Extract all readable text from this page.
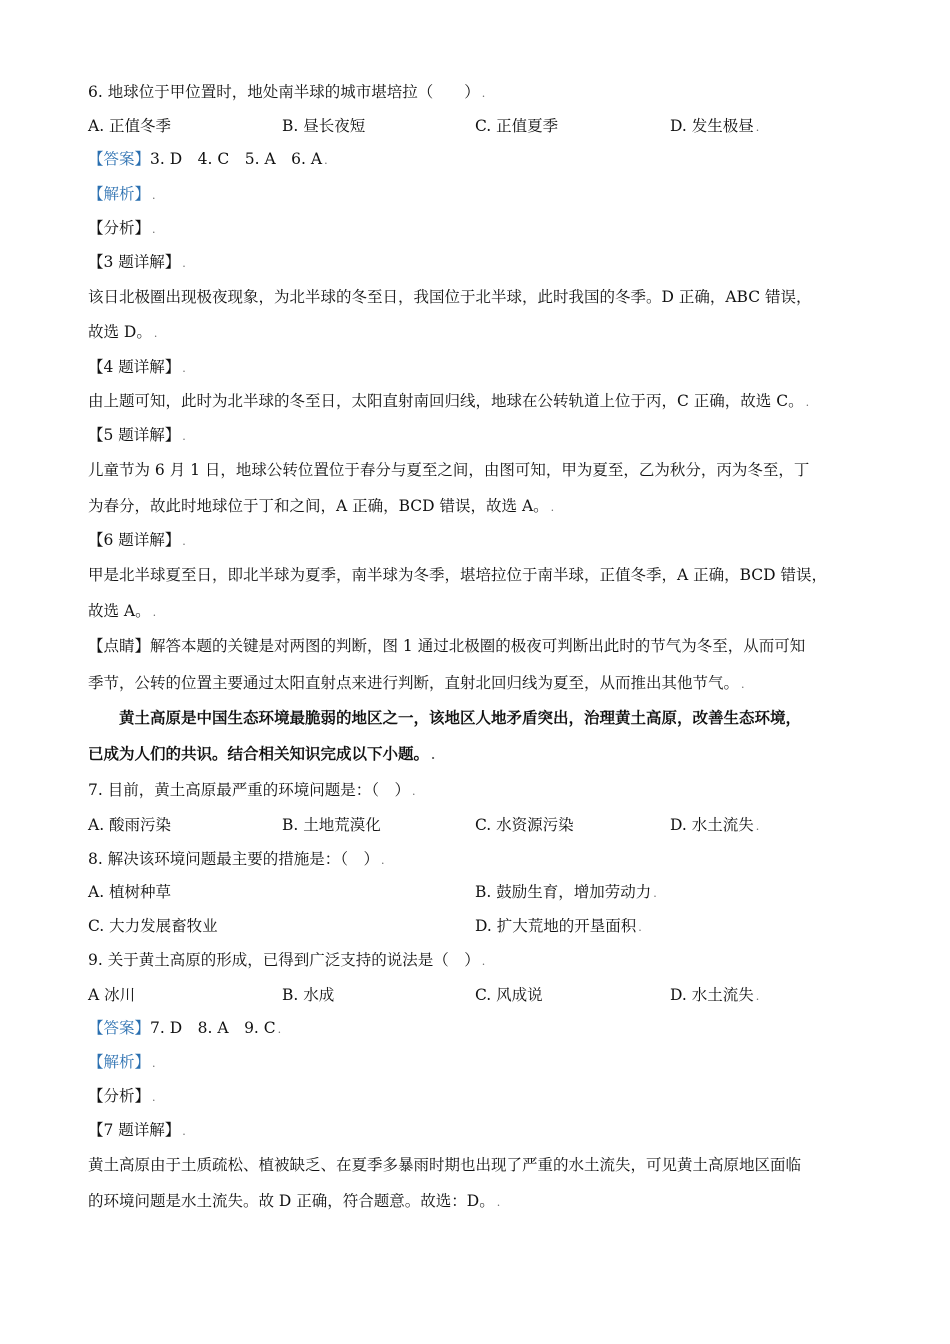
6. 地球位于甲位置时，地处南半球的城市堪培拉（　　） .
A. 正值冬季	B. 昼长夜短	C. 正值夏季	D. 发生极昼 .
【答案】3. D　4. C　5. A　6. A .
【解析】 .
【分析】 .
【3 题详解】 .
该日北极圈出现极夜现象，为北半球的冬至日，我国位于北半球，此时我国的冬季。D 正确，ABC 错误，
故选 D。 .
【4 题详解】 .
由上题可知，此时为北半球的冬至日，太阳直射南回归线，地球在公转轨道上位于丙，C 正确，故选 C。 .
【5 题详解】 .
儿童节为 6 月 1 日，地球公转位置位于春分与夏至之间，由图可知，甲为夏至，乙为秋分，丙为冬至，丁
为春分，故此时地球位于丁和之间，A 正确，BCD 错误，故选 A。 .
【6 题详解】 .
甲是北半球夏至日，即北半球为夏季，南半球为冬季，堪培拉位于南半球，正值冬季，A 正确，BCD 错误，
故选 A。 .
【点睛】解答本题的关键是对两图的判断，图 1 通过北极圈的极夜可判断出此时的节气为冬至，从而可知
季节，公转的位置主要通过太阳直射点来进行判断，直射北回归线为夏至，从而推出其他节气。 .
黄土高原是中国生态环境最脆弱的地区之一，该地区人地矛盾突出，治理黄土高原，改善生态环境，
已成为人们的共识。结合相关知识完成以下小题。 .
7. 目前，黄土高原最严重的环境问题是：（　） .
A. 酸雨污染	B. 土地荒漠化	C. 水资源污染	D. 水土流失 .
8. 解决该环境问题最主要的措施是：（　） .
A. 植树种草	B. 鼓励生育，增加劳动力 .
C. 大力发展畜牧业	D. 扩大荒地的开垦面积 .
9. 关于黄土高原的形成，已得到广泛支持的说法是（　） .
A 冰川	B. 水成	C. 风成说	D. 水土流失 .
【答案】7. D　8. A　9. C .
【解析】 .
【分析】 .
【7 题详解】 .
黄土高原由于土质疏松、植被缺乏、在夏季多暴雨时期也出现了严重的水土流失，可见黄土高原地区面临
的环境问题是水土流失。故 D 正确，符合题意。故选：D。 .
